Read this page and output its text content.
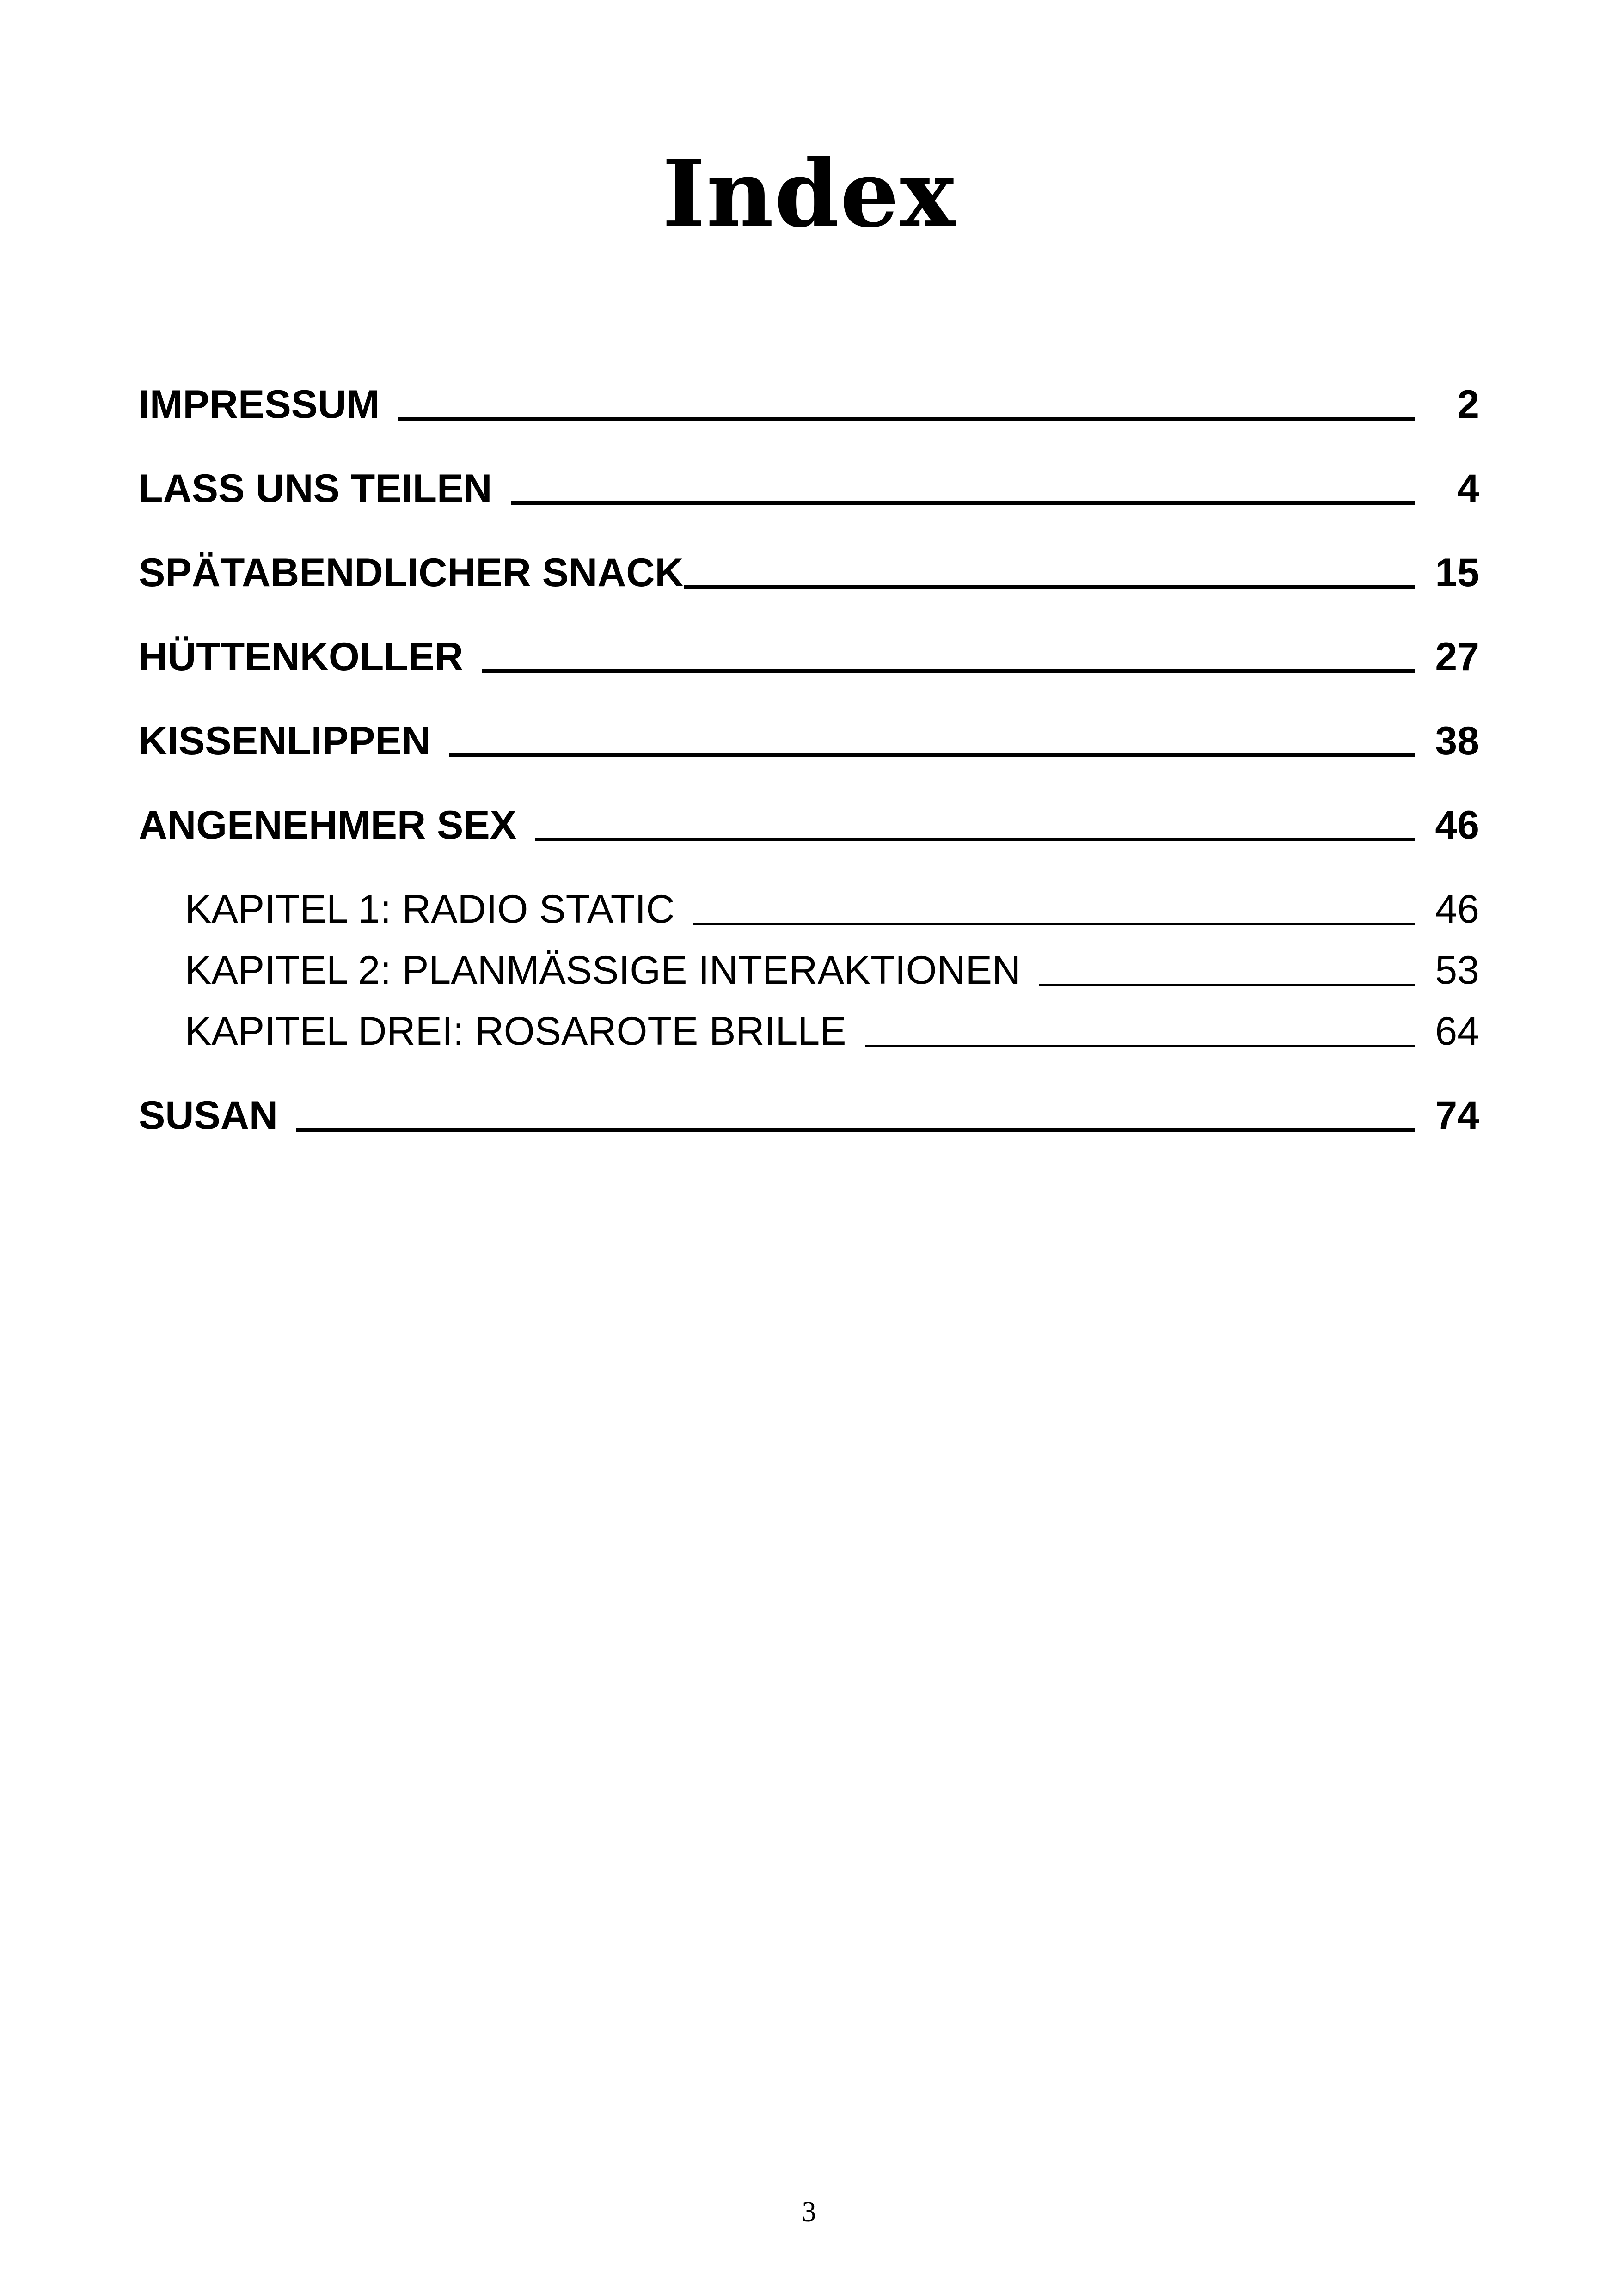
Index
IMPRESSUM	2
LASS UNS TEILEN	4
SPÄTABENDLICHER SNACK	15
HÜTTENKOLLER	27
KISSENLIPPEN	38
ANGENEHMER SEX	46
KAPITEL 1: RADIO STATIC	46
KAPITEL 2: PLANMÄSSIGE INTERAKTIONEN	53
KAPITEL DREI: ROSAROTE BRILLE	64
SUSAN	74
3
